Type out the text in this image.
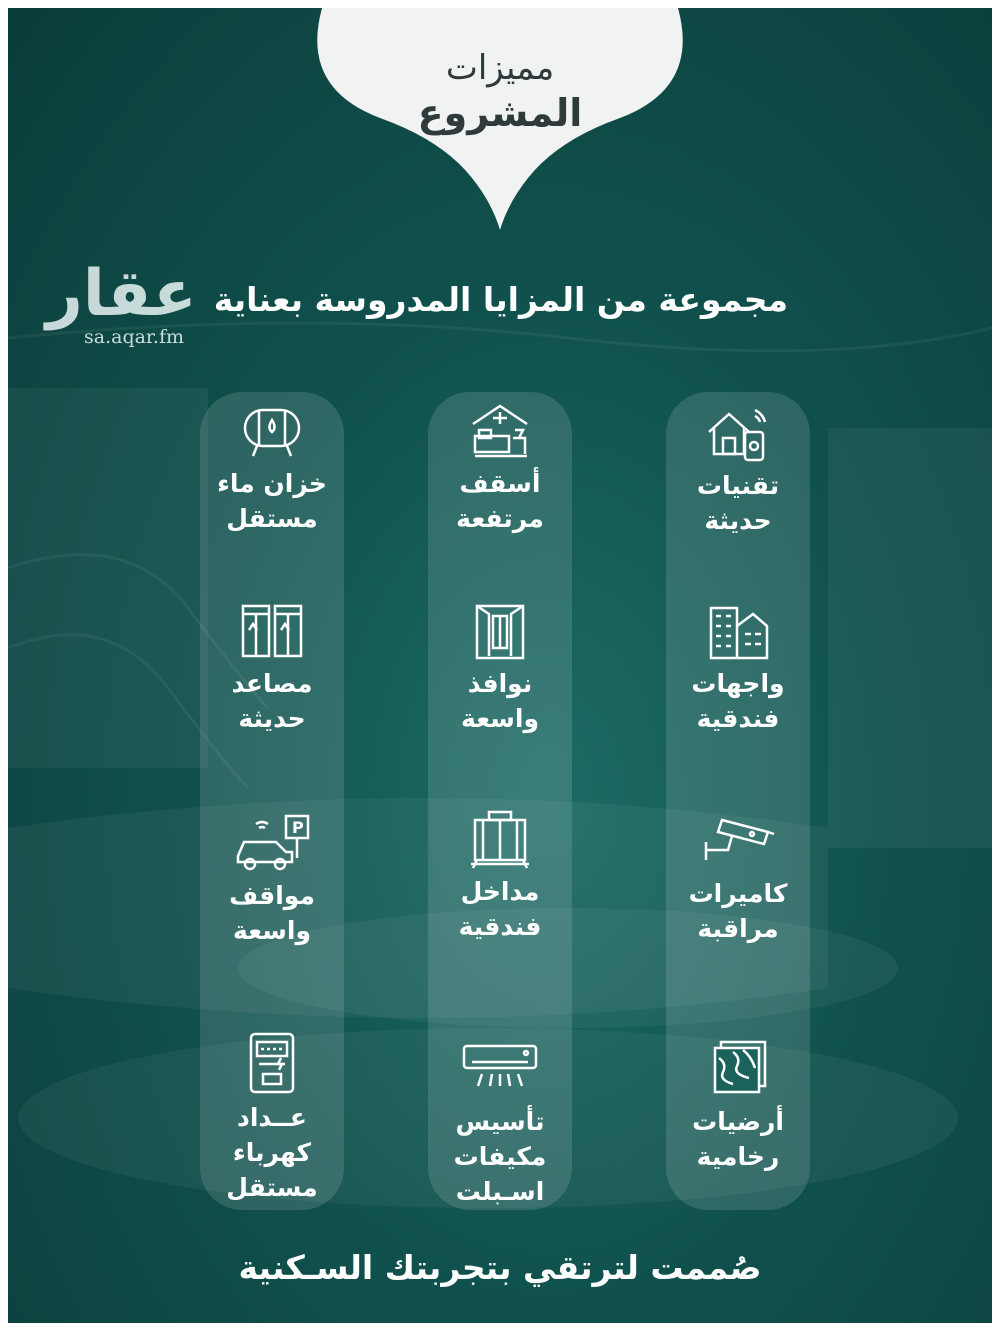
مميزات
المشروع
عقار
sa.aqar.fm
مجموعة من المزايا المدروسة بعناية
تقنيات
حديثة
واجهات
فندقية
كاميرات
مراقبة
أرضيات
رخامية
أسقف
مرتفعة
نوافذ
واسعة
مداخل
فندقية
تأسيس
مكيفات
اسـبلت
خزان ماء
مستقل
مصاعد
حديثة
P
مواقف
واسعة
عــداد
كهرباء
مستقل
صُممت لترتقي بتجربتك السـكنية
